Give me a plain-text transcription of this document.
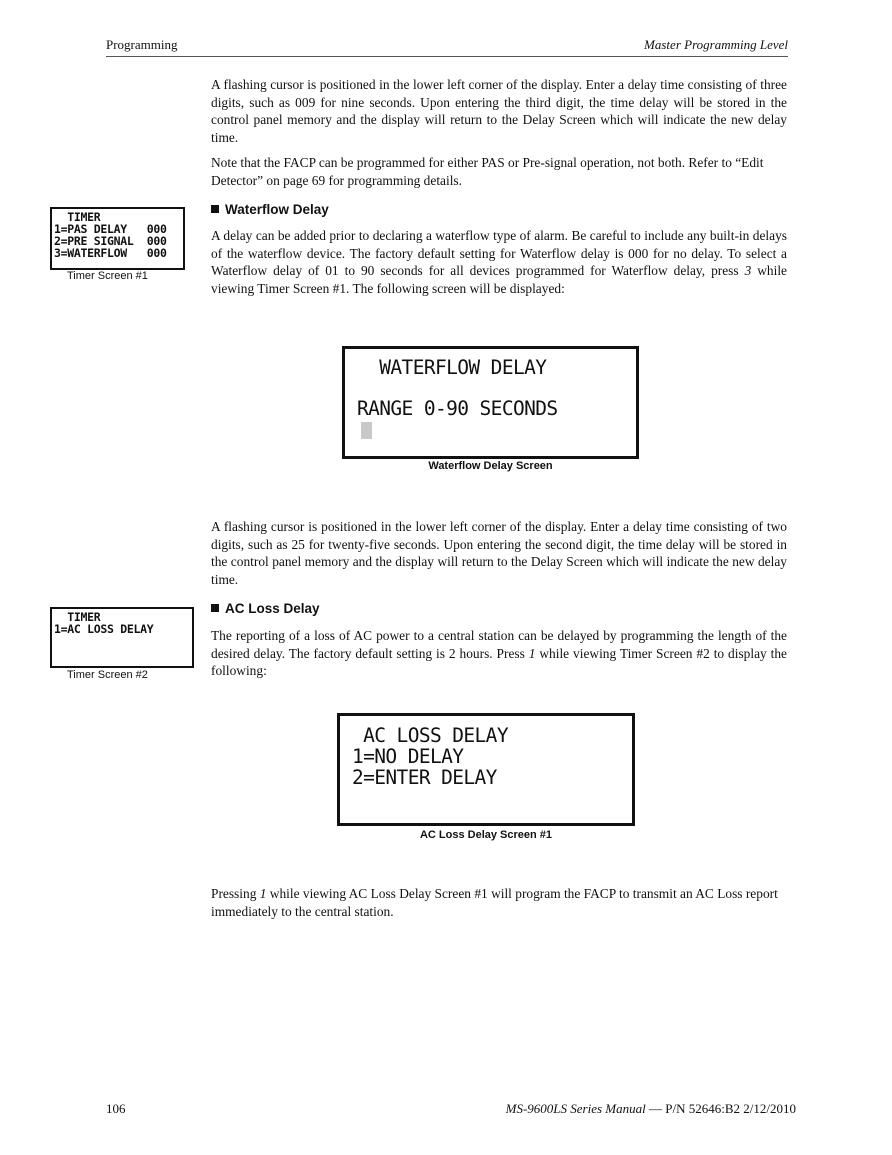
Programming	Master Programming Level

A flashing cursor is positioned in the lower left corner of the display. Enter a delay time consisting of three digits, such as 009 for nine seconds. Upon entering the third digit, the time delay will be stored in the control panel memory and the display will return to the Delay Screen which will indicate the new delay time.

Note that the FACP can be programmed for either PAS or Pre-signal operation, not both. Refer to “Edit Detector” on page 69 for programming details.

TIMER
1=PAS DELAY   000
2=PRE SIGNAL  000
3=WATERFLOW   000
Timer Screen #1
Waterflow Delay

A delay can be added prior to declaring a waterflow type of alarm. Be careful to include any built-in delays of the waterflow device. The factory default setting for Waterflow delay is 000 for no delay. To select a Waterflow delay of 01 to 90 seconds for all devices programmed for Waterflow delay, press 3 while viewing Timer Screen #1. The following screen will be displayed:

WATERFLOW DELAY

RANGE 0-90 SECONDS

Waterflow Delay Screen

A flashing cursor is positioned in the lower left corner of the display. Enter a delay time consisting of two digits, such as 25 for twenty-five seconds. Upon entering the second digit, the time delay will be stored in the control panel memory and the display will return to the Delay Screen which will indicate the new delay time.

TIMER
1=AC LOSS DELAY
Timer Screen #2
AC Loss Delay

The reporting of a loss of AC power to a central station can be delayed by programming the length of the desired delay. The factory default setting is 2 hours. Press 1 while viewing Timer Screen #2 to display the following:

AC LOSS DELAY

1=NO DELAY

2=ENTER DELAY

AC Loss Delay Screen #1

Pressing 1 while viewing AC Loss Delay Screen #1 will program the FACP to transmit an AC Loss report immediately to the central station.

106	MS-9600LS Series Manual — P/N 52646:B2 2/12/2010
